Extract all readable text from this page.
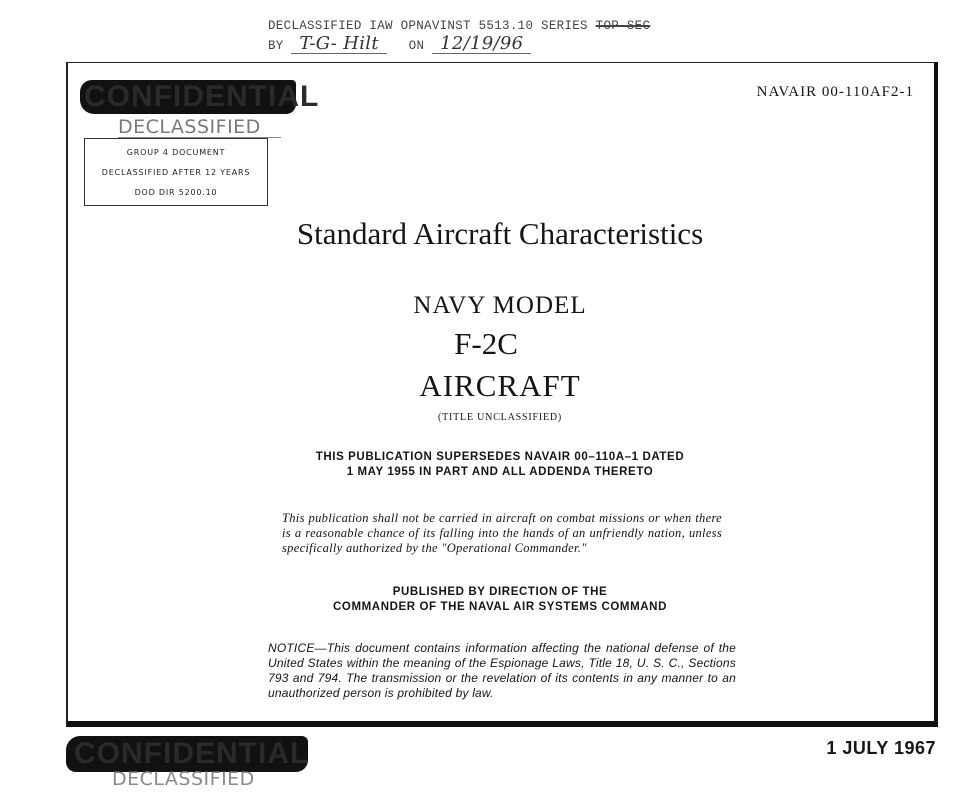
DECLASSIFIED IAW OPNAVINST 5513.10 SERIES TOP SEC
BY T-G- Hilt ON 12/19/96
CONFIDENTIAL
DECLASSIFIED
GROUP 4 DOCUMENT
DECLASSIFIED AFTER 12 YEARS
DOD DIR 5200.10
NAVAIR 00-110AF2-1
Standard Aircraft Characteristics
NAVY MODEL
F-2C
AIRCRAFT
(TITLE UNCLASSIFIED)
THIS PUBLICATION SUPERSEDES NAVAIR 00–110A–1 DATED
1 MAY 1955 IN PART AND ALL ADDENDA THERETO
This publication shall not be carried in aircraft on combat missions or when there is a reasonable chance of its falling into the hands of an unfriendly nation, unless specifically authorized by the "Operational Commander."
PUBLISHED BY DIRECTION OF THE
COMMANDER OF THE NAVAL AIR SYSTEMS COMMAND
NOTICE—This document contains information affecting the national defense of the United States within the meaning of the Espionage Laws, Title 18, U. S. C., Sections 793 and 794. The transmission or the revelation of its contents in any manner to an unauthorized person is prohibited by law.
CONFIDENTIAL
DECLASSIFIED
1 JULY 1967
